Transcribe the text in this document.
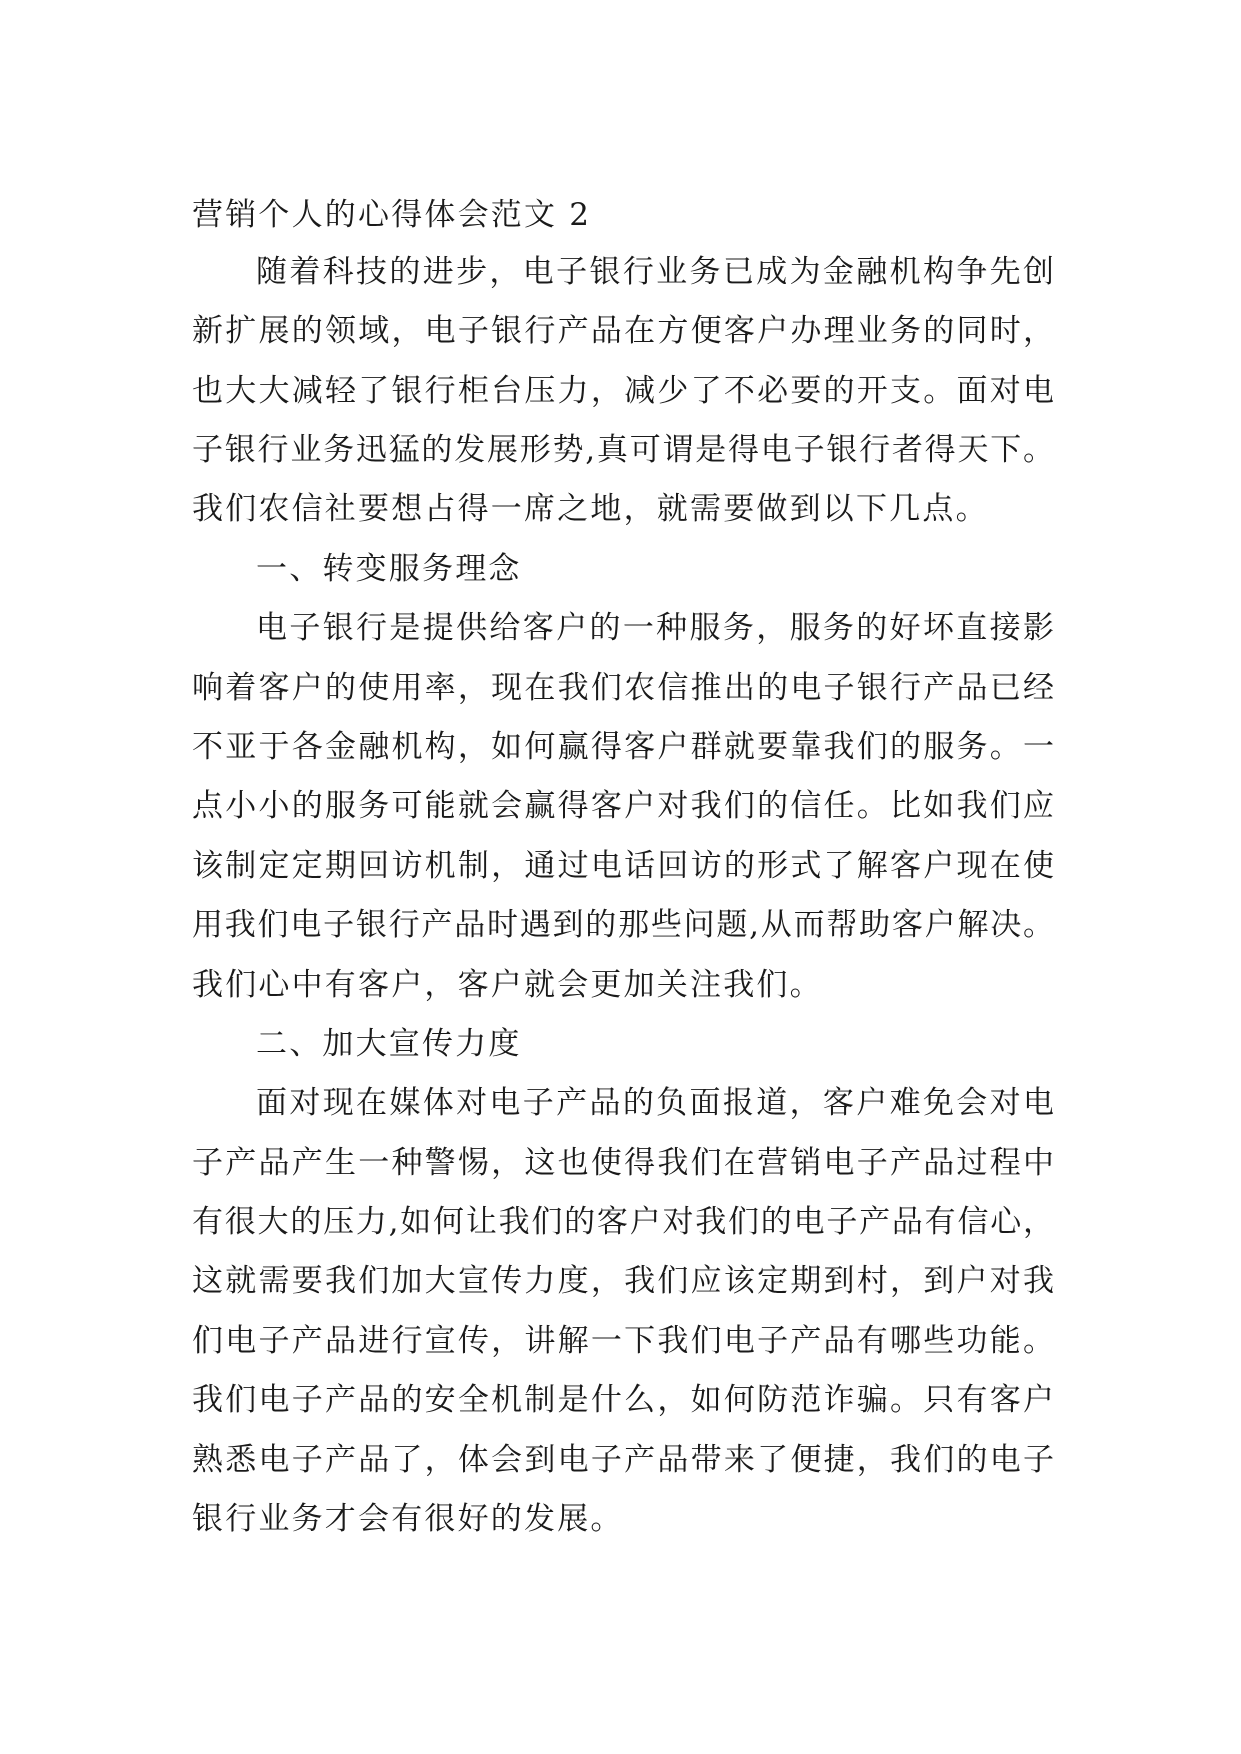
营销个人的心得体会范文 2
随着科技的进步，电子银行业务已成为金融机构争先创
新扩展的领域，电子银行产品在方便客户办理业务的同时，
也大大减轻了银行柜台压力，减少了不必要的开支。面对电
子银行业务迅猛的发展形势,真可谓是得电子银行者得天下。
我们农信社要想占得一席之地，就需要做到以下几点。
一、转变服务理念
电子银行是提供给客户的一种服务，服务的好坏直接影
响着客户的使用率，现在我们农信推出的电子银行产品已经
不亚于各金融机构，如何赢得客户群就要靠我们的服务。一
点小小的服务可能就会赢得客户对我们的信任。比如我们应
该制定定期回访机制，通过电话回访的形式了解客户现在使
用我们电子银行产品时遇到的那些问题,从而帮助客户解决。
我们心中有客户，客户就会更加关注我们。
二、加大宣传力度
面对现在媒体对电子产品的负面报道，客户难免会对电
子产品产生一种警惕，这也使得我们在营销电子产品过程中
有很大的压力,如何让我们的客户对我们的电子产品有信心，
这就需要我们加大宣传力度，我们应该定期到村，到户对我
们电子产品进行宣传，讲解一下我们电子产品有哪些功能。
我们电子产品的安全机制是什么，如何防范诈骗。只有客户
熟悉电子产品了，体会到电子产品带来了便捷，我们的电子
银行业务才会有很好的发展。
